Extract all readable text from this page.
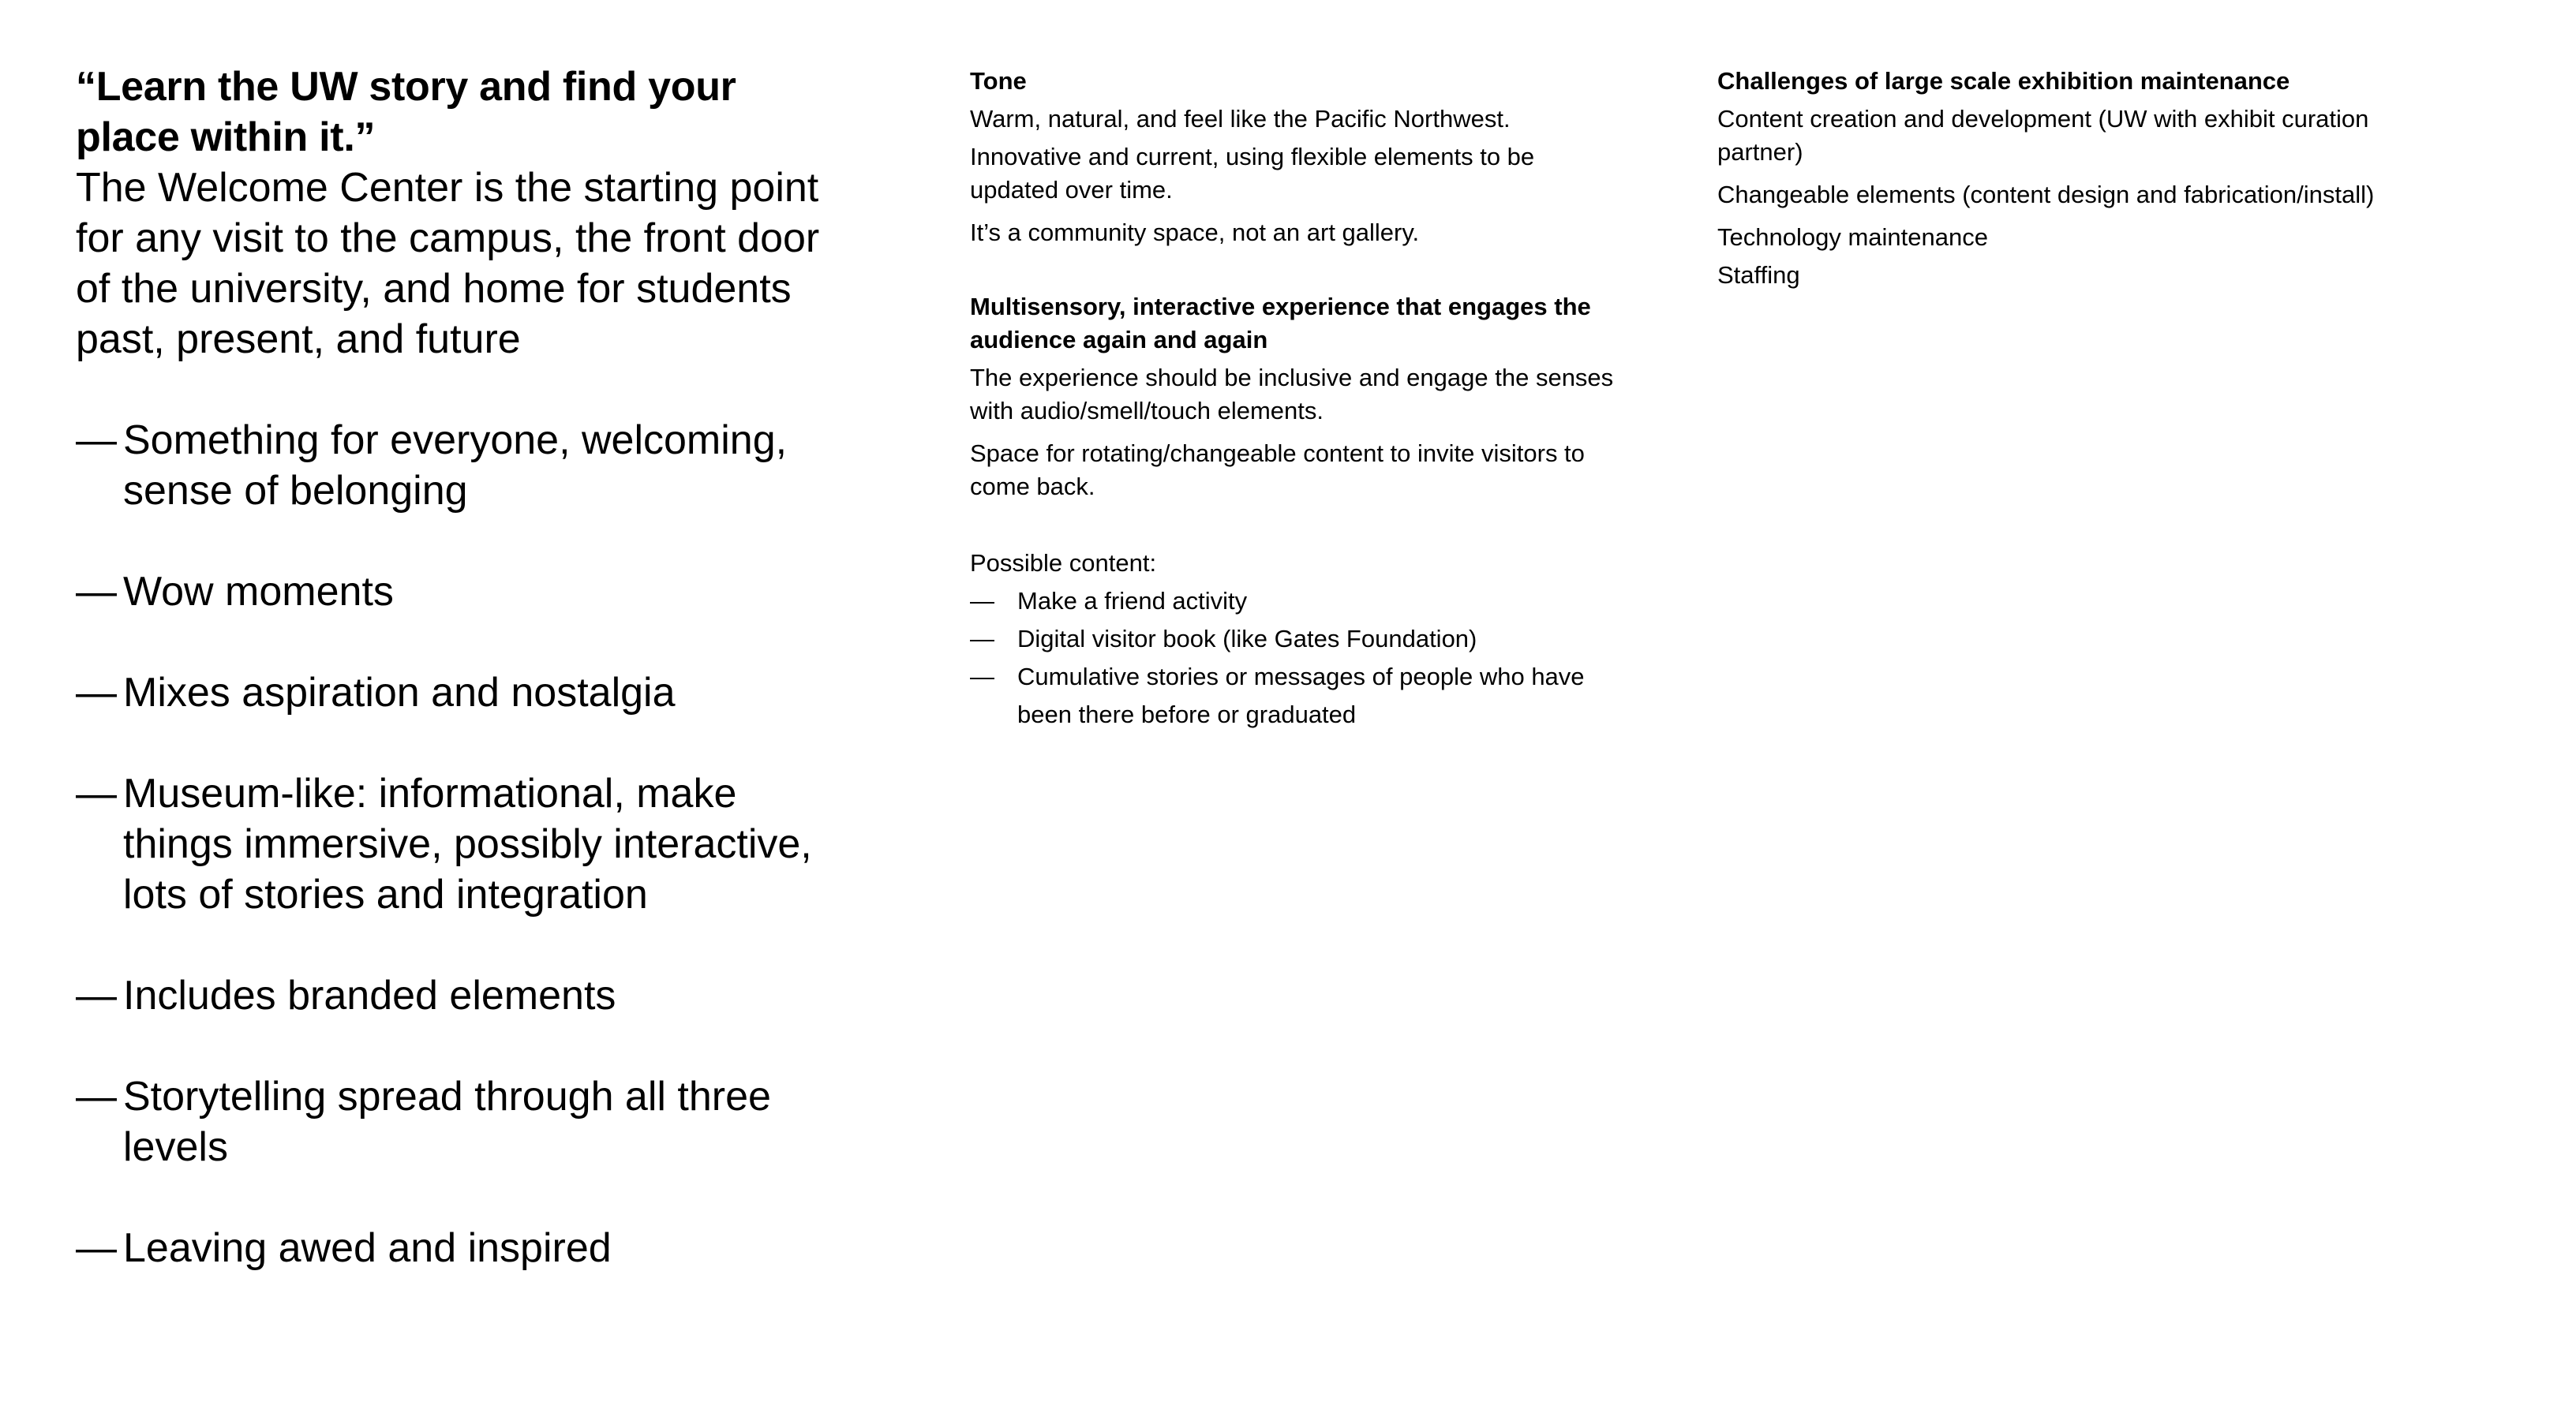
“Learn the UW story and find your place within it.”

The Welcome Center is the starting point for any visit to the campus, the front door of the university, and home for students past, present, and future

— Something for everyone, welcoming, sense of belonging
— Wow moments
— Mixes aspiration and nostalgia
— Museum-like: informational, make things immersive, possibly interactive, lots of stories and integration
— Includes branded elements
— Storytelling spread through all three levels
— Leaving awed and inspired

Tone

Warm, natural, and feel like the Pacific Northwest.

Innovative and current, using flexible elements to be updated over time.

It’s a community space, not an art gallery.

Multisensory, interactive experience that engages the audience again and again

The experience should be inclusive and engage the senses with audio/smell/touch elements.

Space for rotating/changeable content to invite visitors to come back.

Possible content:

— Make a friend activity
— Digital visitor book (like Gates Foundation)
— Cumulative stories or messages of people who have been there before or graduated

Challenges of large scale exhibition maintenance

Content creation and development (UW with exhibit curation partner)

Changeable elements (content design and fabrication/install)

Technology maintenance

Staffing
